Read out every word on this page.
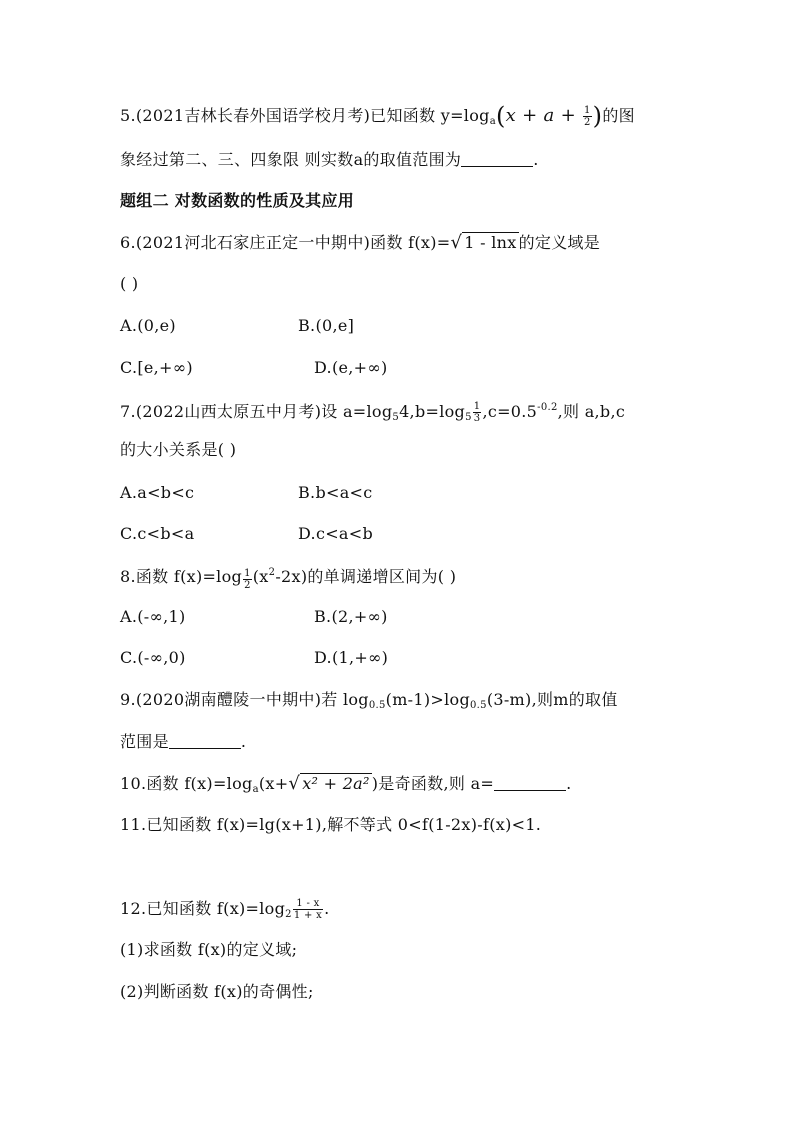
5.(2021吉林长春外国语学校月考)已知函数 $y=\log_a(x + a + \frac{1}{2}$ )的图
象经过第二、三、四象限 则实数a的取值范围为	.
题组二 对数函数的性质及其应用
6.(2021河北石家庄正定一中期中)函数 f(x)=√ 1 - lnx 的定义域是
( )
A.(0,e)	B.(0,e]
C.[e,+∞)	D.(e,+∞)
7.(2022山西太原五中月考)设 $a=\log_54,b=\log_5 \frac{1}{3} ,c=0.5^{-0.2}$,则 a,b,c
的大小关系是( )
A.a<b<c	B.b<a<c
C.c<b<a	D.c<a<b
8.函数 $f(x)=\log \frac{1}{2} (x^2-2x)$的单调递增区间为( )
A.(-∞,1)	B.(2,+∞)
C.(-∞,0)	D.(1,+∞)
9.(2020湖南醴陵一中期中)若 $\log_{0.5}(m-1)>\log_{0.5}(3-m)$,则m的取值
范围是	.
10.函数 $f(x)=\log_a(x+√$ x² + 2a² )是奇函数,则 a=	.
11.已知函数 f(x)=lg(x+1),解不等式 0<f(1-2x)-f(x)<1.
12.已知函数 $f(x)=\log_2 \frac{1 - x}{1 + x}$ .
(1)求函数 f(x)的定义域;
(2)判断函数 f(x)的奇偶性;
